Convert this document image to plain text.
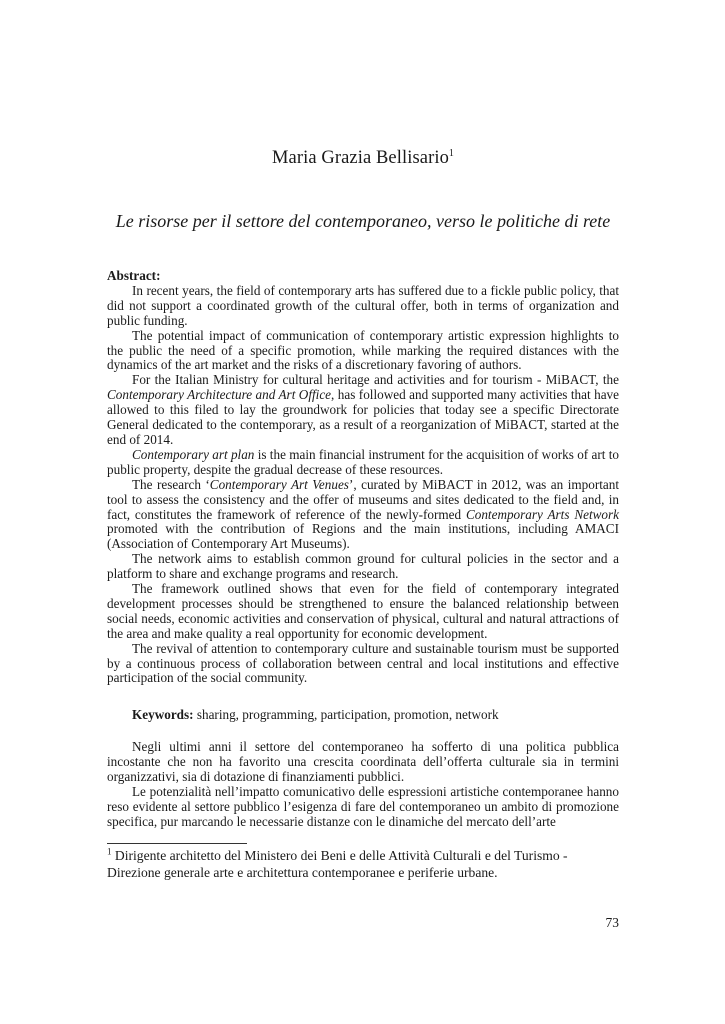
Maria Grazia Bellisario$^1$
Le risorse per il settore del contemporaneo, verso le politiche di rete
Abstract:

In recent years, the field of contemporary arts has suffered due to a fickle public policy, that did not support a coordinated growth of the cultural offer, both in terms of organization and public funding.

The potential impact of communication of contemporary artistic expression highlights to the public the need of a specific promotion, while marking the required distances with the dynamics of the art market and the risks of a discretionary favoring of authors.

For the Italian Ministry for cultural heritage and activities and for tourism - MiBACT, the Contemporary Architecture and Art Office, has followed and supported many activities that have allowed to this filed to lay the groundwork for policies that today see a specific Directorate General dedicated to the contemporary, as a result of a reorganization of MiBACT, started at the end of 2014.

Contemporary art plan is the main financial instrument for the acquisition of works of art to public property, despite the gradual decrease of these resources.

The research ‘Contemporary Art Venues’, curated by MiBACT in 2012, was an important tool to assess the consistency and the offer of museums and sites dedicated to the field and, in fact, constitutes the framework of reference of the newly-formed Contemporary Arts Network promoted with the contribution of Regions and the main institutions, including AMACI (Association of Contemporary Art Museums).

The network aims to establish common ground for cultural policies in the sector and a platform to share and exchange programs and research.

The framework outlined shows that even for the field of contemporary integrated development processes should be strengthened to ensure the balanced relationship between social needs, economic activities and conservation of physical, cultural and natural attractions of the area and make quality a real opportunity for economic development.

The revival of attention to contemporary culture and sustainable tourism must be supported by a continuous process of collaboration between central and local institutions and effective participation of the social community.

Keywords: sharing, programming, participation, promotion, network

Negli ultimi anni il settore del contemporaneo ha sofferto di una politica pubblica incostante che non ha favorito una crescita coordinata dell’offerta culturale sia in termini organizzativi, sia di dotazione di finanziamenti pubblici.

Le potenzialità nell’impatto comunicativo delle espressioni artistiche contemporanee hanno reso evidente al settore pubblico l’esigenza di fare del contemporaneo un ambito di promozione specifica, pur marcando le necessarie distanze con le dinamiche del mercato dell’arte

$^1$ Dirigente architetto del Ministero dei Beni e delle Attività Culturali e del Turismo - Direzione generale arte e architettura contemporanee e periferie urbane.
73
